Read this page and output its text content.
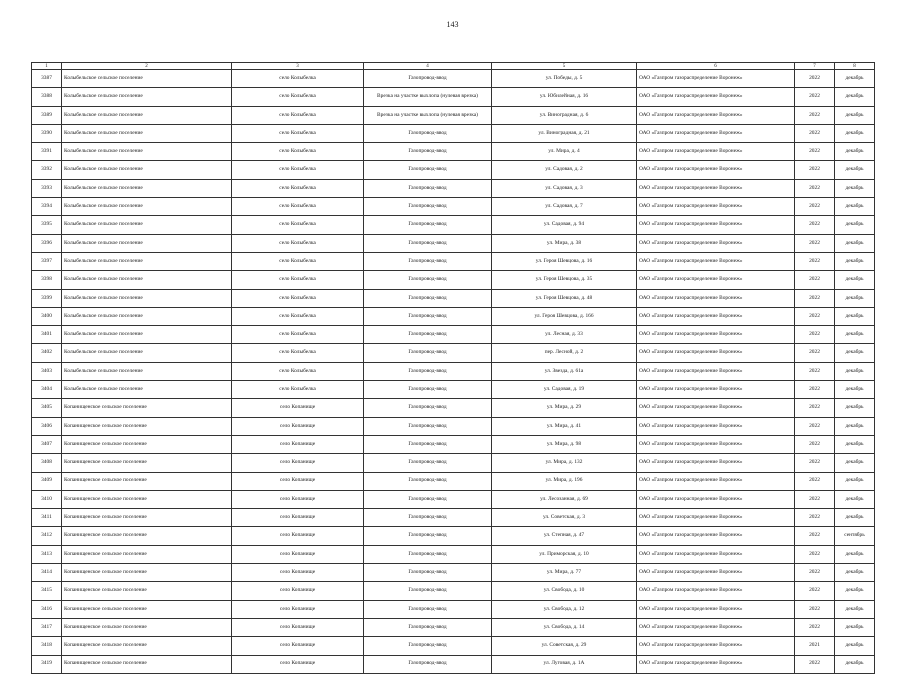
143
1	2	3	4	5	6	7	8
3387	Колыбельское сельское поселение	село Колыбелка	Газопровод-ввод	ул. Победы, д. 5	ОАО «Газпром газораспределение Воронеж»	2022	декабрь
3388	Колыбельское сельское поселение	село Колыбелка	Врезка на участке выхлопа (нулевая врезка)	ул. Юбилейная, д. 16	ОАО «Газпром газораспределение Воронеж»	2022	декабрь
3389	Колыбельское сельское поселение	село Колыбелка	Врезка на участке выхлопа (нулевая врезка)	ул. Виноградная, д. 6	ОАО «Газпром газораспределение Воронеж»	2022	декабрь
3390	Колыбельское сельское поселение	село Колыбелка	Газопровод-ввод	ул. Виноградная, д. 21	ОАО «Газпром газораспределение Воронеж»	2022	декабрь
3391	Колыбельское сельское поселение	село Колыбелка	Газопровод-ввод	ул. Мира, д. 4	ОАО «Газпром газораспределение Воронеж»	2022	декабрь
3392	Колыбельское сельское поселение	село Колыбелка	Газопровод-ввод	ул. Садовая, д. 2	ОАО «Газпром газораспределение Воронеж»	2022	декабрь
3393	Колыбельское сельское поселение	село Колыбелка	Газопровод-ввод	ул. Садовая, д. 3	ОАО «Газпром газораспределение Воронеж»	2022	декабрь
3394	Колыбельское сельское поселение	село Колыбелка	Газопровод-ввод	ул. Садовая, д. 7	ОАО «Газпром газораспределение Воронеж»	2022	декабрь
3395	Колыбельское сельское поселение	село Колыбелка	Газопровод-ввод	ул. Садовая, д. 94	ОАО «Газпром газораспределение Воронеж»	2022	декабрь
3396	Колыбельское сельское поселение	село Колыбелка	Газопровод-ввод	ул. Мира, д. 38	ОАО «Газпром газораспределение Воронеж»	2022	декабрь
3397	Колыбельское сельское поселение	село Колыбелка	Газопровод-ввод	ул. Героя Шевцова, д. 16	ОАО «Газпром газораспределение Воронеж»	2022	декабрь
3398	Колыбельское сельское поселение	село Колыбелка	Газопровод-ввод	ул. Героя Шевцова, д. 35	ОАО «Газпром газораспределение Воронеж»	2022	декабрь
3399	Колыбельское сельское поселение	село Колыбелка	Газопровод-ввод	ул. Героя Шевцова, д. 48	ОАО «Газпром газораспределение Воронеж»	2022	декабрь
3400	Колыбельское сельское поселение	село Колыбелка	Газопровод-ввод	ул. Героя Шевцова, д. 166	ОАО «Газпром газораспределение Воронеж»	2022	декабрь
3401	Колыбельское сельское поселение	село Колыбелка	Газопровод-ввод	ул. Лесная, д. 33	ОАО «Газпром газораспределение Воронеж»	2022	декабрь
3402	Колыбельское сельское поселение	село Колыбелка	Газопровод-ввод	пер. Лесной, д. 2	ОАО «Газпром газораспределение Воронеж»	2022	декабрь
3403	Колыбельское сельское поселение	село Колыбелка	Газопровод-ввод	ул. Звезда, д. 61а	ОАО «Газпром газораспределение Воронеж»	2022	декабрь
3404	Колыбельское сельское поселение	село Колыбелка	Газопровод-ввод	ул. Садовая, д. 19	ОАО «Газпром газораспределение Воронеж»	2022	декабрь
3405	Копанищенское сельское поселение	село Копанище	Газопровод-ввод	ул. Мира, д. 29	ОАО «Газпром газораспределение Воронеж»	2022	декабрь
3406	Копанищенское сельское поселение	село Копанище	Газопровод-ввод	ул. Мира, д. 41	ОАО «Газпром газораспределение Воронеж»	2022	декабрь
3407	Копанищенское сельское поселение	село Копанище	Газопровод-ввод	ул. Мира, д. 98	ОАО «Газпром газораспределение Воронеж»	2022	декабрь
3408	Копанищенское сельское поселение	село Копанище	Газопровод-ввод	ул. Мира, д. 132	ОАО «Газпром газораспределение Воронеж»	2022	декабрь
3409	Копанищенское сельское поселение	село Копанище	Газопровод-ввод	ул. Мира, д. 196	ОАО «Газпром газораспределение Воронеж»	2022	декабрь
3410	Копанищенское сельское поселение	село Копанище	Газопровод-ввод	ул. Лесозанная, д. 69	ОАО «Газпром газораспределение Воронеж»	2022	декабрь
3411	Копанищенское сельское поселение	село Копанище	Газопровод-ввод	ул. Советская, д. 3	ОАО «Газпром газораспределение Воронеж»	2022	декабрь
3412	Копанищенское сельское поселение	село Копанище	Газопровод-ввод	ул. Степная, д. 47	ОАО «Газпром газораспределение Воронеж»	2022	сентябрь
3413	Копанищенское сельское поселение	село Копанище	Газопровод-ввод	ул. Приморская, д. 10	ОАО «Газпром газораспределение Воронеж»	2022	декабрь
3414	Копанищенское сельское поселение	село Копанище	Газопровод-ввод	ул. Мира, д. 77	ОАО «Газпром газораспределение Воронеж»	2022	декабрь
3415	Копанищенское сельское поселение	село Копанище	Газопровод-ввод	ул. Свобода, д. 10	ОАО «Газпром газораспределение Воронеж»	2022	декабрь
3416	Копанищенское сельское поселение	село Копанище	Газопровод-ввод	ул. Свобода, д. 12	ОАО «Газпром газораспределение Воронеж»	2022	декабрь
3417	Копанищенское сельское поселение	село Копанище	Газопровод-ввод	ул. Свобода, д. 14	ОАО «Газпром газораспределение Воронеж»	2022	декабрь
3418	Копанищенское сельское поселение	село Копанище	Газопровод-ввод	ул. Советская, д. 29	ОАО «Газпром газораспределение Воронеж»	2021	декабрь
3419	Копанищенское сельское поселение	село Копанище	Газопровод-ввод	ул. Луговая, д. 1А	ОАО «Газпром газораспределение Воронеж»	2022	декабрь
